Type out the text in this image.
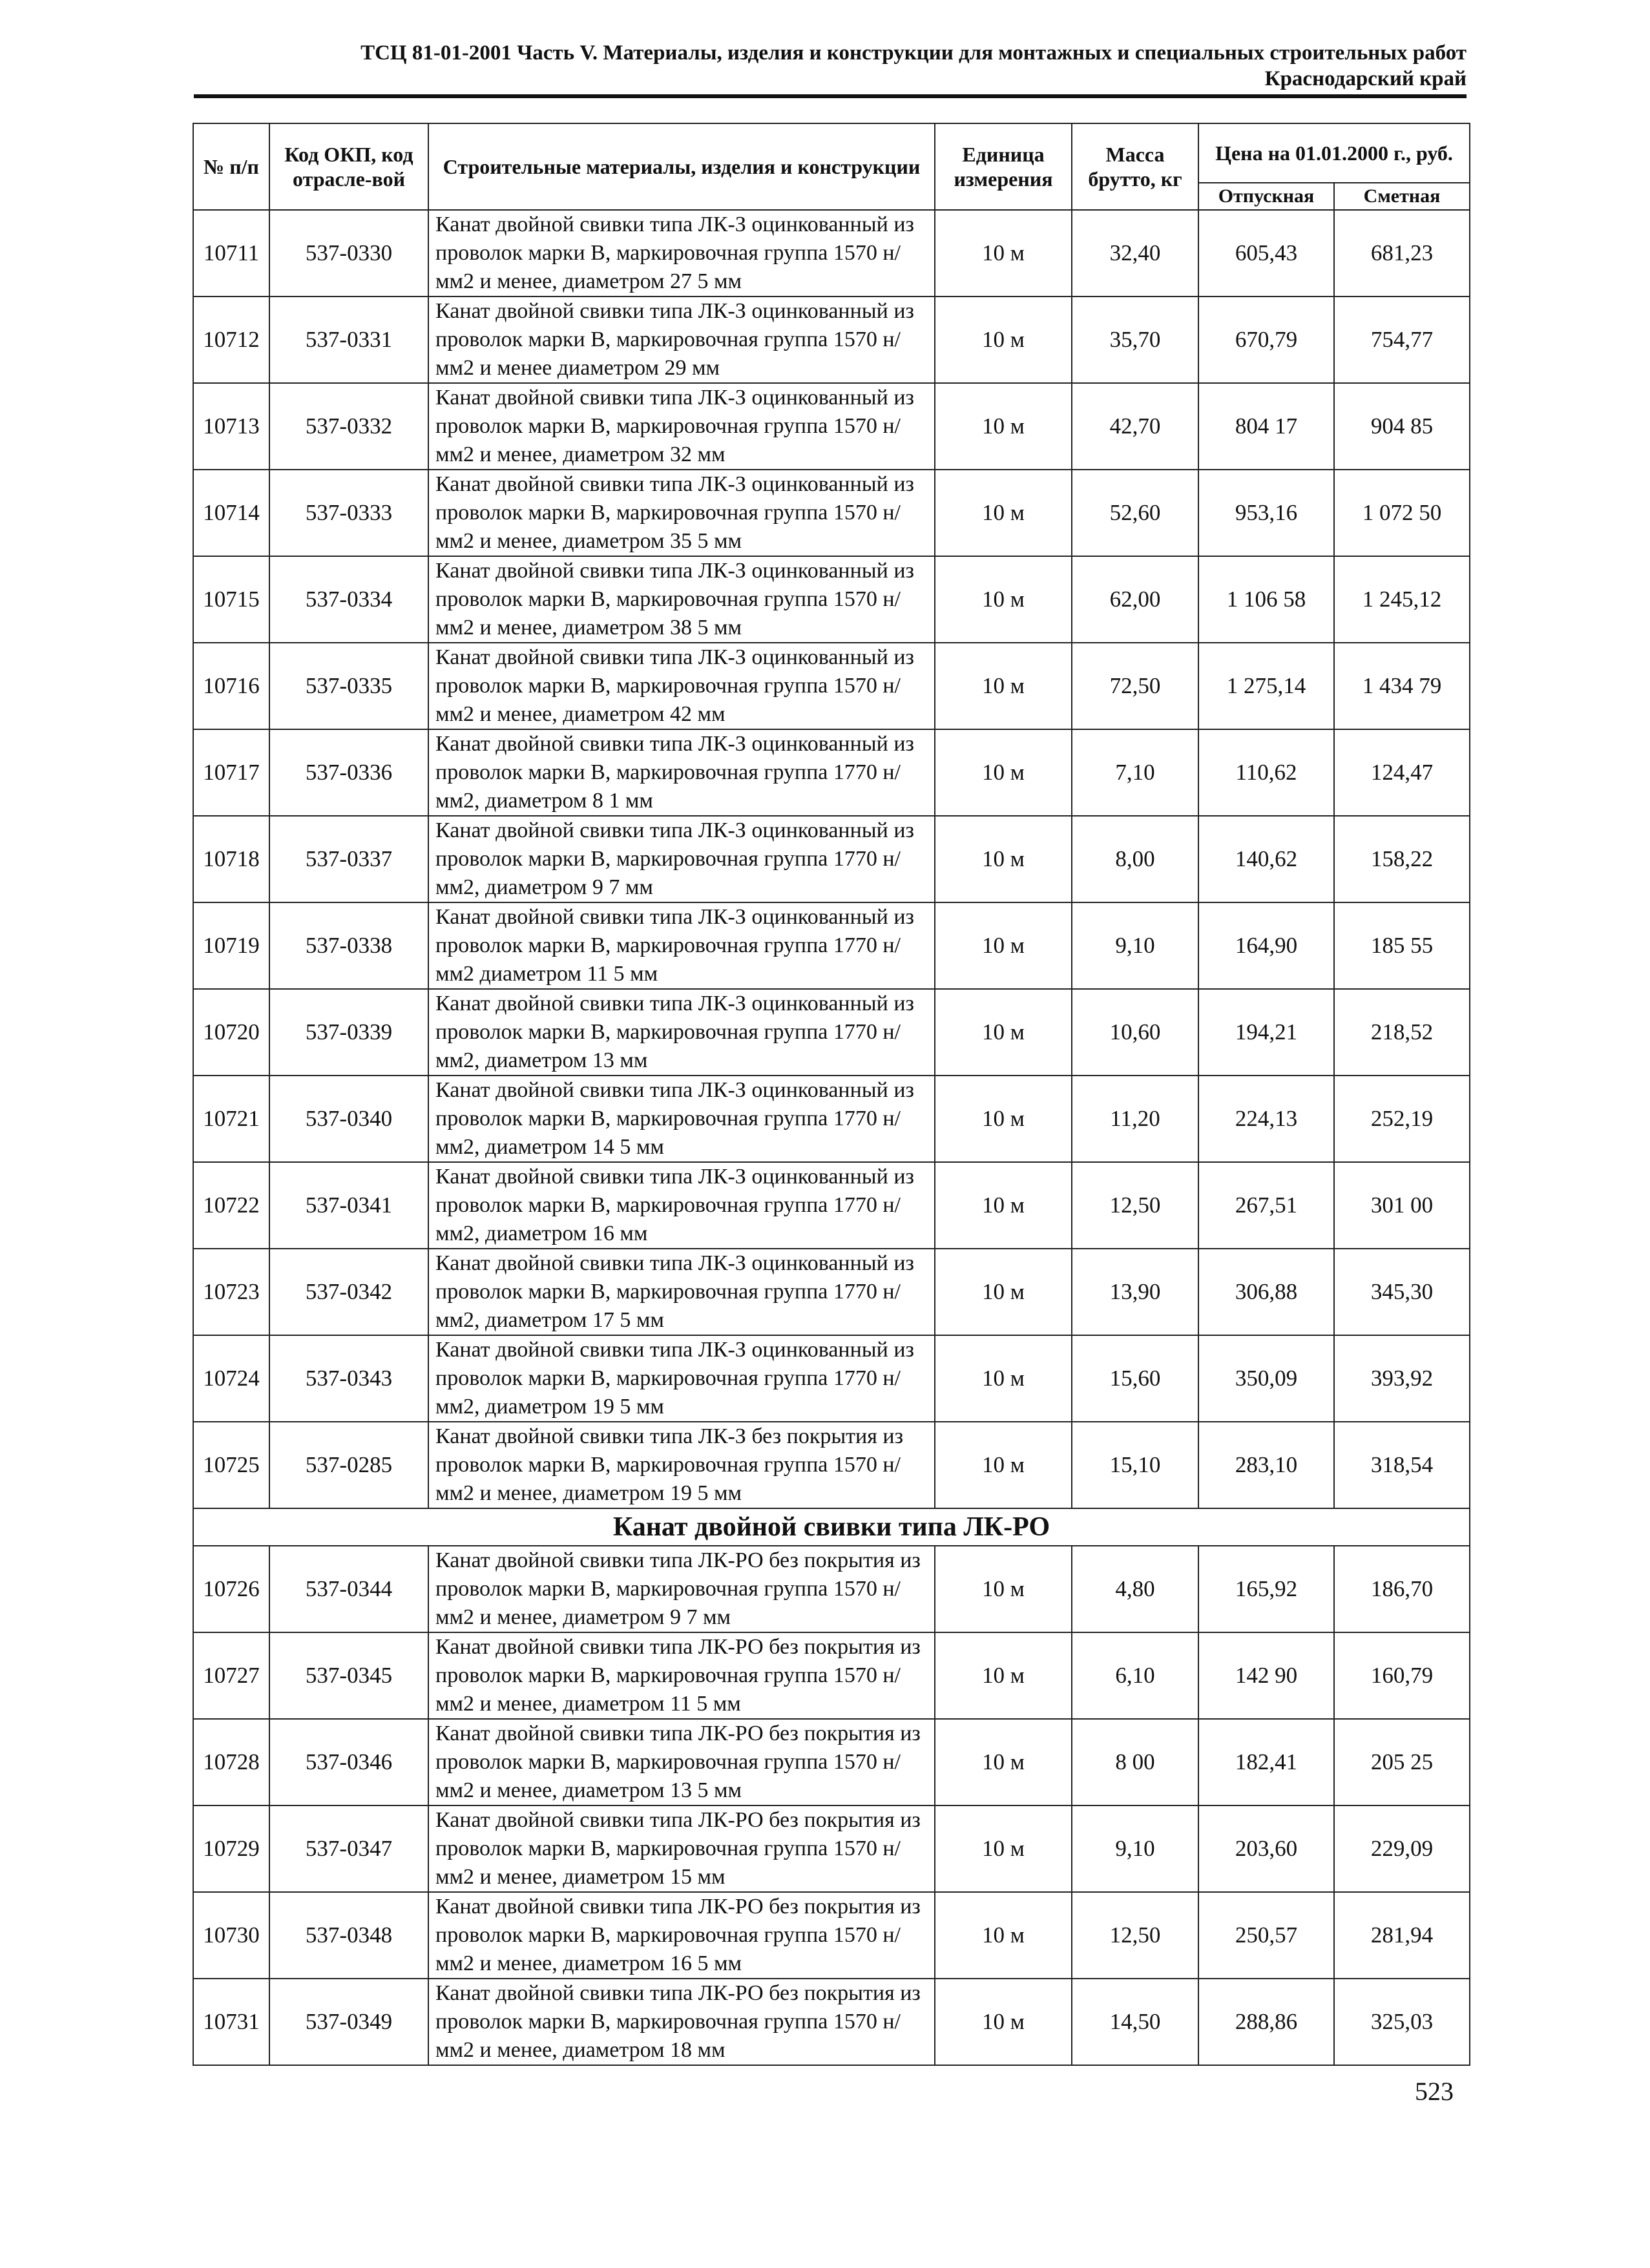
ТСЦ 81-01-2001 Часть V. Материалы, изделия и конструкции для монтажных и специальных строительных работ
Краснодарский край
№ п/п	Код ОКП, код отрасле-вой	Строительные материалы, изделия и конструкции	Единица измерения	Масса брутто, кг	Цена на 01.01.2000 г., руб.	
					Отпускная	Сметная
10711	537-0330	Канат двойной свивки типа ЛК-З оцинкованный из проволок марки В, маркировочная группа 1570 н/мм2 и менее, диаметром 27 5 мм	10 м	32,40	605,43	681,23
10712	537-0331	Канат двойной свивки типа ЛК-З оцинкованный из проволок марки В, маркировочная группа 1570 н/мм2 и менее диаметром 29 мм	10 м	35,70	670,79	754,77
10713	537-0332	Канат двойной свивки типа ЛК-З оцинкованный из проволок марки В, маркировочная группа 1570 н/мм2 и менее, диаметром 32 мм	10 м	42,70	804 17	904 85
10714	537-0333	Канат двойной свивки типа ЛК-З оцинкованный из проволок марки В, маркировочная группа 1570 н/мм2 и менее, диаметром 35 5 мм	10 м	52,60	953,16	1 072 50
10715	537-0334	Канат двойной свивки типа ЛК-З оцинкованный из проволок марки В, маркировочная группа 1570 н/мм2 и менее, диаметром 38 5 мм	10 м	62,00	1 106 58	1 245,12
10716	537-0335	Канат двойной свивки типа ЛК-З оцинкованный из проволок марки В, маркировочная группа 1570 н/мм2 и менее, диаметром 42 мм	10 м	72,50	1 275,14	1 434 79
10717	537-0336	Канат двойной свивки типа ЛК-З оцинкованный из проволок марки В, маркировочная группа 1770 н/мм2, диаметром 8 1 мм	10 м	7,10	110,62	124,47
10718	537-0337	Канат двойной свивки типа ЛК-З оцинкованный из проволок марки В, маркировочная группа 1770 н/мм2, диаметром 9 7 мм	10 м	8,00	140,62	158,22
10719	537-0338	Канат двойной свивки типа ЛК-З оцинкованный из проволок марки В, маркировочная группа 1770 н/мм2 диаметром 11 5 мм	10 м	9,10	164,90	185 55
10720	537-0339	Канат двойной свивки типа ЛК-З оцинкованный из проволок марки В, маркировочная группа 1770 н/мм2, диаметром 13 мм	10 м	10,60	194,21	218,52
10721	537-0340	Канат двойной свивки типа ЛК-З оцинкованный из проволок марки В, маркировочная группа 1770 н/мм2, диаметром 14 5 мм	10 м	11,20	224,13	252,19
10722	537-0341	Канат двойной свивки типа ЛК-З оцинкованный из проволок марки В, маркировочная группа 1770 н/мм2, диаметром 16 мм	10 м	12,50	267,51	301 00
10723	537-0342	Канат двойной свивки типа ЛК-З оцинкованный из проволок марки В, маркировочная группа 1770 н/мм2, диаметром 17 5 мм	10 м	13,90	306,88	345,30
10724	537-0343	Канат двойной свивки типа ЛК-З оцинкованный из проволок марки В, маркировочная группа 1770 н/мм2, диаметром 19 5 мм	10 м	15,60	350,09	393,92
10725	537-0285	Канат двойной свивки типа ЛК-З без покрытия из проволок марки В, маркировочная группа 1570 н/мм2 и менее, диаметром 19 5 мм	10 м	15,10	283,10	318,54
Канат двойной свивки типа ЛК-РО						
10726	537-0344	Канат двойной свивки типа ЛК-РО без покрытия из проволок марки В, маркировочная группа 1570 н/мм2 и менее, диаметром 9 7 мм	10 м	4,80	165,92	186,70
10727	537-0345	Канат двойной свивки типа ЛК-РО без покрытия из проволок марки В, маркировочная группа 1570 н/мм2 и менее, диаметром 11 5 мм	10 м	6,10	142 90	160,79
10728	537-0346	Канат двойной свивки типа ЛК-РО без покрытия из проволок марки В, маркировочная группа 1570 н/мм2 и менее, диаметром 13 5 мм	10 м	8 00	182,41	205 25
10729	537-0347	Канат двойной свивки типа ЛК-РО без покрытия из проволок марки В, маркировочная группа 1570 н/мм2 и менее, диаметром 15 мм	10 м	9,10	203,60	229,09
10730	537-0348	Канат двойной свивки типа ЛК-РО без покрытия из проволок марки В, маркировочная группа 1570 н/мм2 и менее, диаметром 16 5 мм	10 м	12,50	250,57	281,94
10731	537-0349	Канат двойной свивки типа ЛК-РО без покрытия из проволок марки В, маркировочная группа 1570 н/мм2 и менее, диаметром 18 мм	10 м	14,50	288,86	325,03
523
